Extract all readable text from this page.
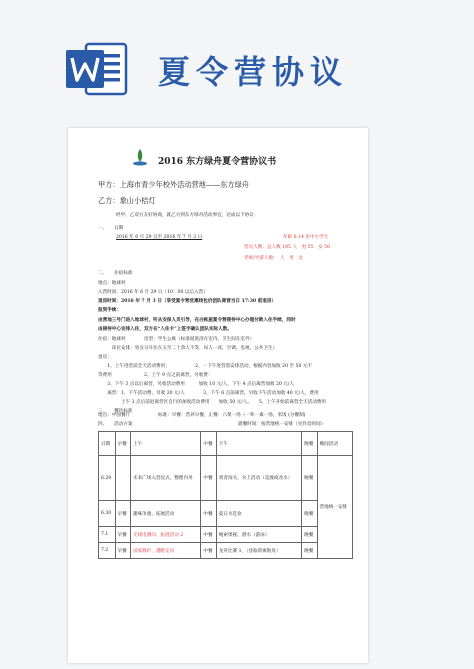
夏令营协议
2016 东方绿舟夏令营协议书
甲方：上海市青少年校外活动营地——东方绿舟
乙方：象山小桔灯
经甲、乙双方友好协商，就乙方到东方绿舟活动事宜，达成以下协议：
一、　　日期
2016 年 6 月 29 日至 2016 年 7 月 3 日	年龄 8-14 岁中小学生
营员人数：总人数 105 人　男 55　女 50
老师/导游人数：　人　男　女
二、　　住宿标准
地点：地球村
入营时间：2016 年 6 月 29 日（10：00 以后入营）
退房时间：2016 年 7 月 3 日（享受夏令营优惠线包价团队离营当日 17:30 前退房）
报到手续：
由营地三号门进入地球村，听从安保人员引导，在白帐屋夏令营接待中心办理付款入住手续，同时
由接待中心安排入住，双方在“入住卡”上签字确认团队实际人数。
住宿：地球村　　　　房型：学生公寓（标准间洗浴在室内、卫生间在室外）
　　　床位安排：男女分开住在五至二十余人不等，每人一床，空调、电视，公共卫生）
退房：
　　1、上午进营前全天活动费用；　　　　　　2、一下午进营需安排活动，根据内容加收 20 至 50 元不
等费用　　　　　　　2、上午 9 点之前离营，另收费：
　　3、下午 3 点以后离营，另收活动费用　　　加收 10 元/人，下午 4 点后离营加收 20 元/人
　　离营：1、下午活动费，另收 20 元/人　　　　3、下午 6 点前离营，另收下午活动加收 40 元/人，费用
　　　　　上午 3 点后前退离营区自行的加收活动费用　　加收 50 元/人。　　5、上午开始前离营全天活动费用
三、　　餐饮标准
日期	早餐	上午	中餐	下午	晚餐	晚间活动
6.29		未来广场入营仪式，整理内务	中餐	勇者闯关、水上活动（竞渡或改水）	晚餐	营地统一安排
6.30	早餐	趣味争渡、拓展活动	中餐	夏日水狂欢	晚餐	
7.1	早餐	无线电测向、拓展活动 2	中餐	绳索奥秘、潜水（游泳）	晚餐	
7.2	早餐	国家救护、越野定向	中餐	龙舟比赛 1，（登临荷寓航母）	晚餐	
地点：中国餐厅
四、　　活动方案	就餐时间：按营地统一安排（见作息时间）
标准：早餐：营养早餐，正餐：六菜一汤（一荤一素一汤，米饭 (分餐制)
